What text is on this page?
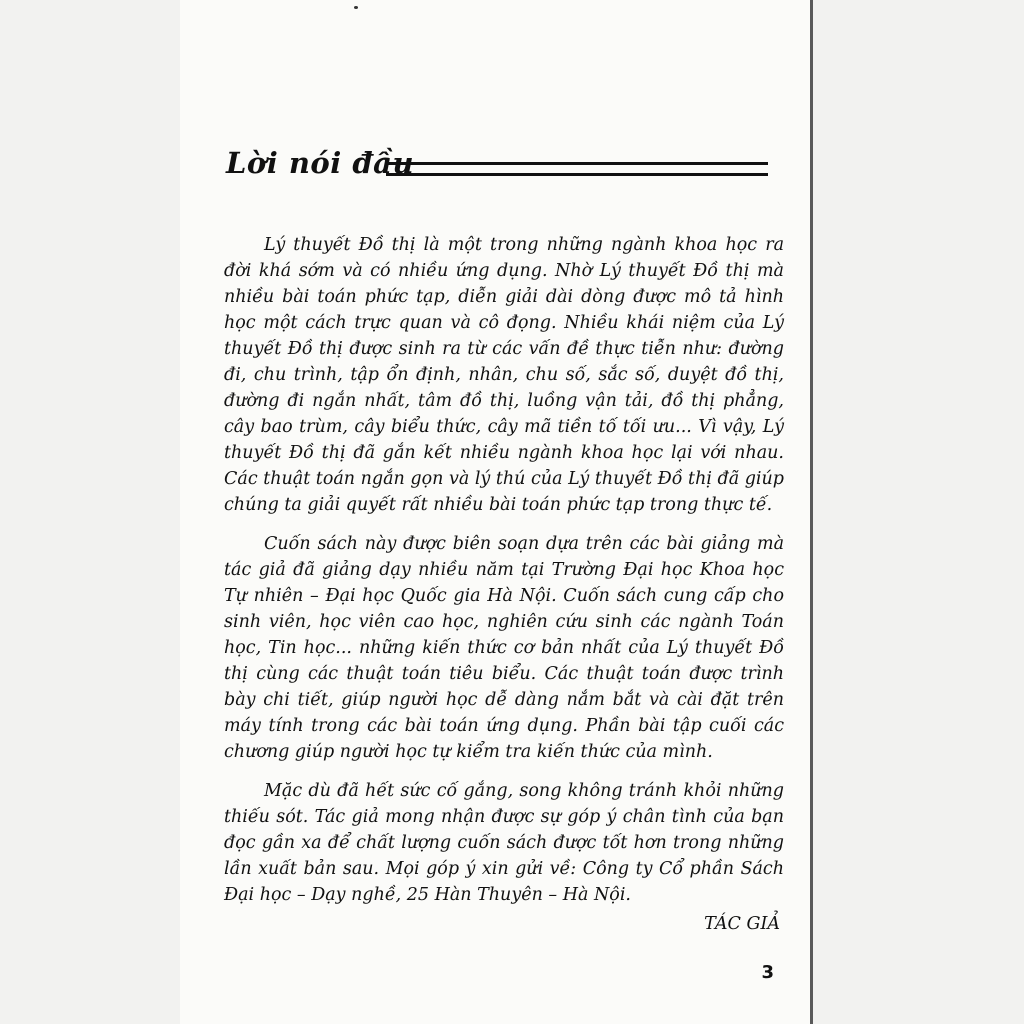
Lời nói đầu

Lý thuyết Đồ thị là một trong những ngành khoa học ra đời khá sớm và có nhiều ứng dụng. Nhờ Lý thuyết Đồ thị mà nhiều bài toán phức tạp, diễn giải dài dòng được mô tả hình học một cách trực quan và cô đọng. Nhiều khái niệm của Lý thuyết Đồ thị được sinh ra từ các vấn đề thực tiễn như: đường đi, chu trình, tập ổn định, nhân, chu số, sắc số, duyệt đồ thị, đường đi ngắn nhất, tâm đồ thị, luồng vận tải, đồ thị phẳng, cây bao trùm, cây biểu thức, cây mã tiền tố tối ưu... Vì vậy, Lý thuyết Đồ thị đã gắn kết nhiều ngành khoa học lại với nhau. Các thuật toán ngắn gọn và lý thú của Lý thuyết Đồ thị đã giúp chúng ta giải quyết rất nhiều bài toán phức tạp trong thực tế.

Cuốn sách này được biên soạn dựa trên các bài giảng mà tác giả đã giảng dạy nhiều năm tại Trường Đại học Khoa học Tự nhiên – Đại học Quốc gia Hà Nội. Cuốn sách cung cấp cho sinh viên, học viên cao học, nghiên cứu sinh các ngành Toán học, Tin học... những kiến thức cơ bản nhất của Lý thuyết Đồ thị cùng các thuật toán tiêu biểu. Các thuật toán được trình bày chi tiết, giúp người học dễ dàng nắm bắt và cài đặt trên máy tính trong các bài toán ứng dụng. Phần bài tập cuối các chương giúp người học tự kiểm tra kiến thức của mình.

Mặc dù đã hết sức cố gắng, song không tránh khỏi những thiếu sót. Tác giả mong nhận được sự góp ý chân tình của bạn đọc gần xa để chất lượng cuốn sách được tốt hơn trong những lần xuất bản sau. Mọi góp ý xin gửi về: Công ty Cổ phần Sách Đại học – Dạy nghề, 25 Hàn Thuyên – Hà Nội.

TÁC GIẢ
3
